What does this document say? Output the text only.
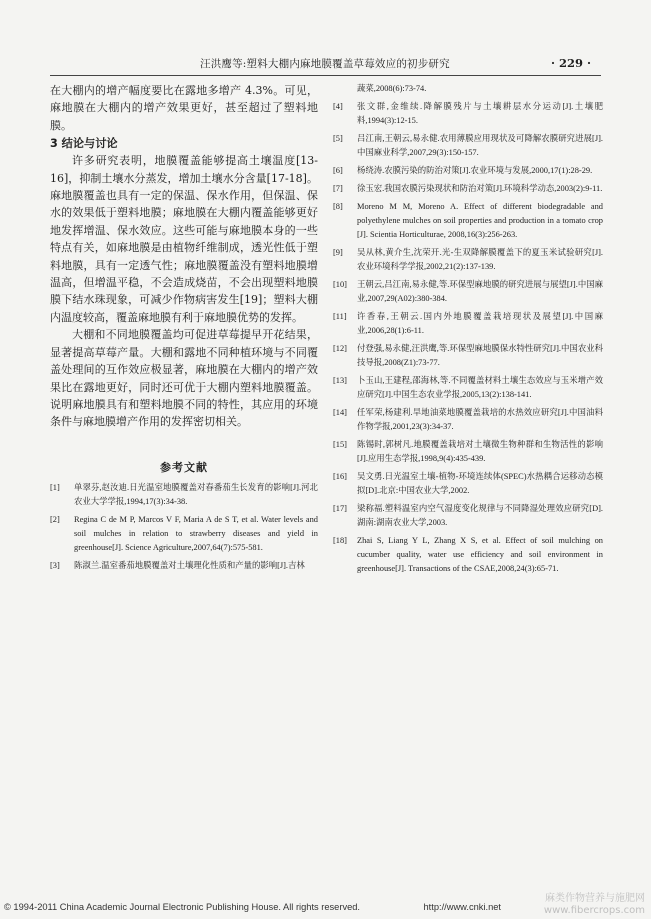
汪洪鹰等:塑料大棚内麻地膜覆盖草莓效应的初步研究	· 229 ·

在大棚内的增产幅度要比在露地多增产 4.3%。可见，麻地膜在大棚内的增产效果更好，甚至超过了塑料地膜。

3 结论与讨论

许多研究表明，地膜覆盖能够提高土壤温度[13-16]，抑制土壤水分蒸发，增加土壤水分含量[17-18]。麻地膜覆盖也具有一定的保温、保水作用，但保温、保水的效果低于塑料地膜；麻地膜在大棚内覆盖能够更好地发挥增温、保水效应。这些可能与麻地膜本身的一些特点有关，如麻地膜是由植物纤维制成，透光性低于塑料地膜，具有一定透气性；麻地膜覆盖没有塑料地膜增温高，但增温平稳，不会造成烧苗，不会出现塑料地膜膜下结水珠现象，可减少作物病害发生[19]；塑料大棚内温度较高，覆盖麻地膜有利于麻地膜优势的发挥。

大棚和不同地膜覆盖均可促进草莓提早开花结果，显著提高草莓产量。大棚和露地不同种植环境与不同覆盖处理间的互作效应极显著，麻地膜在大棚内的增产效果比在露地更好，同时还可优于大棚内塑料地膜覆盖。说明麻地膜具有和塑料地膜不同的特性，其应用的环境条件与麻地膜增产作用的发挥密切相关。

参考文献
[1]	单翠芬,赵汝迪.日光温室地膜覆盖对春番茄生长发育的影响[J].河北农业大学学报,1994,17(3):34-38.
[2]	Regina C de M P, Marcos V F, Maria A de S T, et al. Water levels and soil mulches in relation to strawberry diseases and yield in greenhouse[J]. Science Agriculture,2007,64(7):575-581.
[3]	陈淑兰.温室番茄地膜覆盖对土壤理化性质和产量的影响[J].吉林
蔬菜,2008(6):73-74.
[4]	张文群,金维续.降解膜残片与土壤耕层水分运动[J].土壤肥料,1994(3):12-15.
[5]	吕江南,王朝云,易永健.农用薄膜应用现状及可降解农膜研究进展[J].中国麻业科学,2007,29(3):150-157.
[6]	杨绕涛.农膜污染的防治对策[J].农业环境与发展,2000,17(1):28-29.
[7]	徐玉宏.我国农膜污染现状和防治对策[J].环境科学动态,2003(2):9-11.
[8]	Moreno M M, Moreno A. Effect of different biodegradable and polyethylene mulches on soil properties and production in a tomato crop [J]. Scientia Horticulturae, 2008,16(3):256-263.
[9]	吴从林,黄介生,沈荣开.光-生双降解膜覆盖下的夏玉米试验研究[J].农业环境科学学报,2002,21(2):137-139.
[10]	王朝云,吕江南,易永健,等.环保型麻地膜的研究进展与展望[J].中国麻业,2007,29(A02):380-384.
[11]	许香春,王朝云.国内外地膜覆盖栽培现状及展望[J].中国麻业,2006,28(1):6-11.
[12]	付登强,易永健,汪洪鹰,等.环保型麻地膜保水特性研究[J].中国农业科技导报,2008(Z1):73-77.
[13]	卜玉山,王建程,邵海林,等.不同覆盖材料土壤生态效应与玉米增产效应研究[J].中国生态农业学报,2005,13(2):138-141.
[14]	任军荣,杨建利.旱地油菜地膜覆盖栽培的水热效应研究[J].中国油料作物学报,2001,23(3):34-37.
[15]	陈锡时,郭树凡.地膜覆盖栽培对土壤微生物种群和生物活性的影响[J].应用生态学报,1998,9(4):435-439.
[16]	吴文勇.日光温室土壤-植物-环境连续体(SPEC)水热耦合运移动态模拟[D].北京:中国农业大学,2002.
[17]	梁称福.塑料温室内空气湿度变化规律与不同降湿处理效应研究[D].湖南:湖南农业大学,2003.
[18]	Zhai S, Liang Y L, Zhang X S, et al. Effect of soil mulching on cucumber quality, water use efficiency and soil environment in greenhouse[J]. Transactions of the CSAE,2008,24(3):65-71.
© 1994-2011 China Academic Journal Electronic Publishing House. All rights reserved.	http://www.cnki.net
麻类作物营养与施肥网
www.fibercrops.com
